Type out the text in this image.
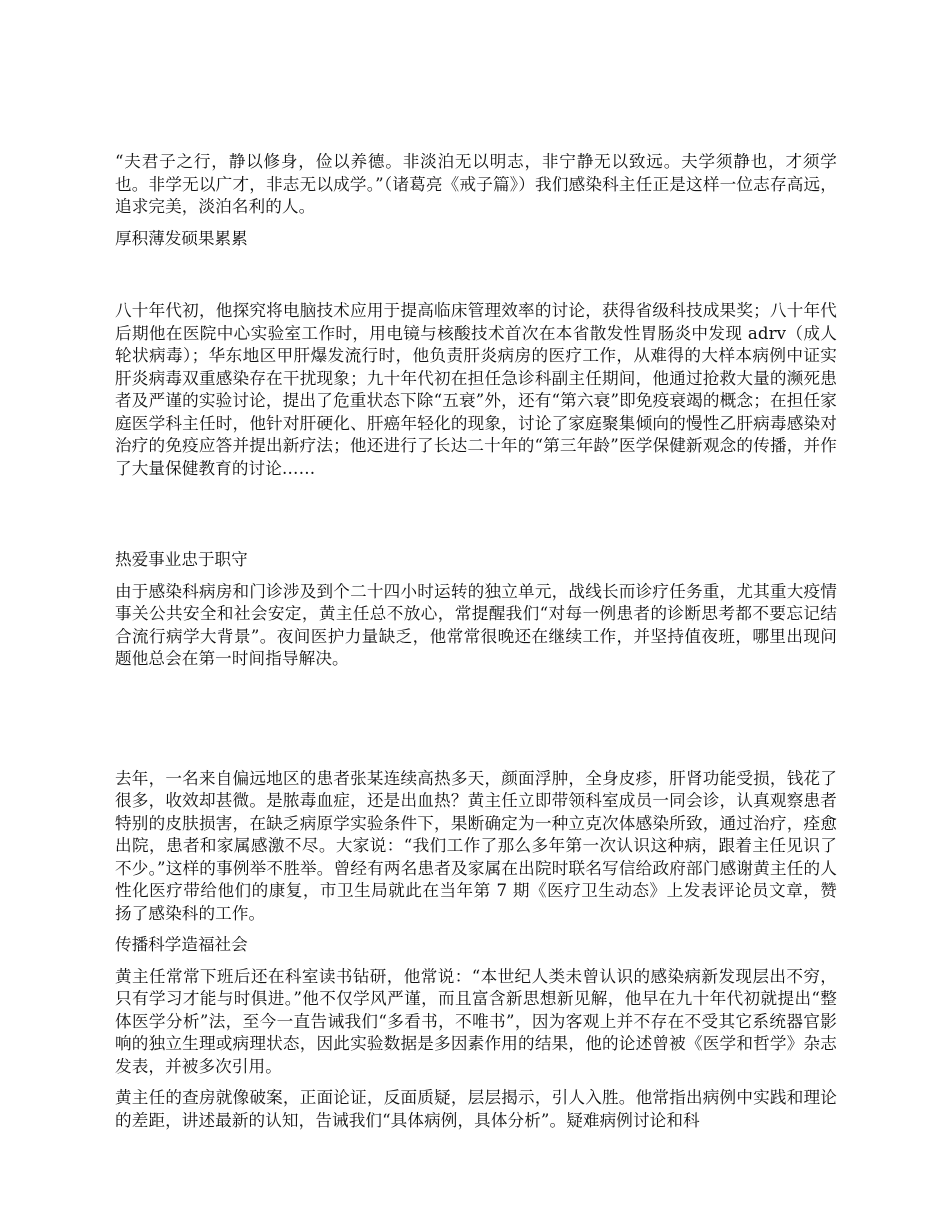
“夫君子之行，静以修身，俭以养德。非淡泊无以明志，非宁静无以致远。夫学须静也，才须学也。非学无以广才，非志无以成学。”（诸葛亮《戒子篇》）我们感染科主任正是这样一位志存高远，追求完美，淡泊名利的人。

厚积薄发硕果累累

八十年代初，他探究将电脑技术应用于提高临床管理效率的讨论，获得省级科技成果奖；八十年代后期他在医院中心实验室工作时，用电镜与核酸技术首次在本省散发性胃肠炎中发现 adrv（成人轮状病毒）；华东地区甲肝爆发流行时，他负责肝炎病房的医疗工作，从难得的大样本病例中证实肝炎病毒双重感染存在干扰现象；九十年代初在担任急诊科副主任期间，他通过抢救大量的濒死患者及严谨的实验讨论，提出了危重状态下除“五衰”外，还有“第六衰”即免疫衰竭的概念；在担任家庭医学科主任时，他针对肝硬化、肝癌年轻化的现象，讨论了家庭聚集倾向的慢性乙肝病毒感染对治疗的免疫应答并提出新疗法；他还进行了长达二十年的“第三年龄”医学保健新观念的传播，并作了大量保健教育的讨论……

热爱事业忠于职守

由于感染科病房和门诊涉及到个二十四小时运转的独立单元，战线长而诊疗任务重，尤其重大疫情事关公共安全和社会安定，黄主任总不放心，常提醒我们“对每一例患者的诊断思考都不要忘记结合流行病学大背景”。夜间医护力量缺乏，他常常很晚还在继续工作，并坚持值夜班，哪里出现问题他总会在第一时间指导解决。

去年，一名来自偏远地区的患者张某连续高热多天，颜面浮肿，全身皮疹，肝肾功能受损，钱花了很多，收效却甚微。是脓毒血症，还是出血热？黄主任立即带领科室成员一同会诊，认真观察患者特别的皮肤损害，在缺乏病原学实验条件下，果断确定为一种立克次体感染所致，通过治疗，痊愈出院，患者和家属感激不尽。大家说：“我们工作了那么多年第一次认识这种病，跟着主任见识了不少。”这样的事例举不胜举。曾经有两名患者及家属在出院时联名写信给政府部门感谢黄主任的人性化医疗带给他们的康复，市卫生局就此在当年第 7 期《医疗卫生动态》上发表评论员文章，赞扬了感染科的工作。

传播科学造福社会

黄主任常常下班后还在科室读书钻研，他常说：“本世纪人类未曾认识的感染病新发现层出不穷，只有学习才能与时俱进。”他不仅学风严谨，而且富含新思想新见解，他早在九十年代初就提出“整体医学分析”法，至今一直告诫我们“多看书，不唯书”，因为客观上并不存在不受其它系统器官影响的独立生理或病理状态，因此实验数据是多因素作用的结果，他的论述曾被《医学和哲学》杂志发表，并被多次引用。

黄主任的查房就像破案，正面论证，反面质疑，层层揭示，引人入胜。他常指出病例中实践和理论的差距，讲述最新的认知，告诫我们“具体病例，具体分析”。疑难病例讨论和科
